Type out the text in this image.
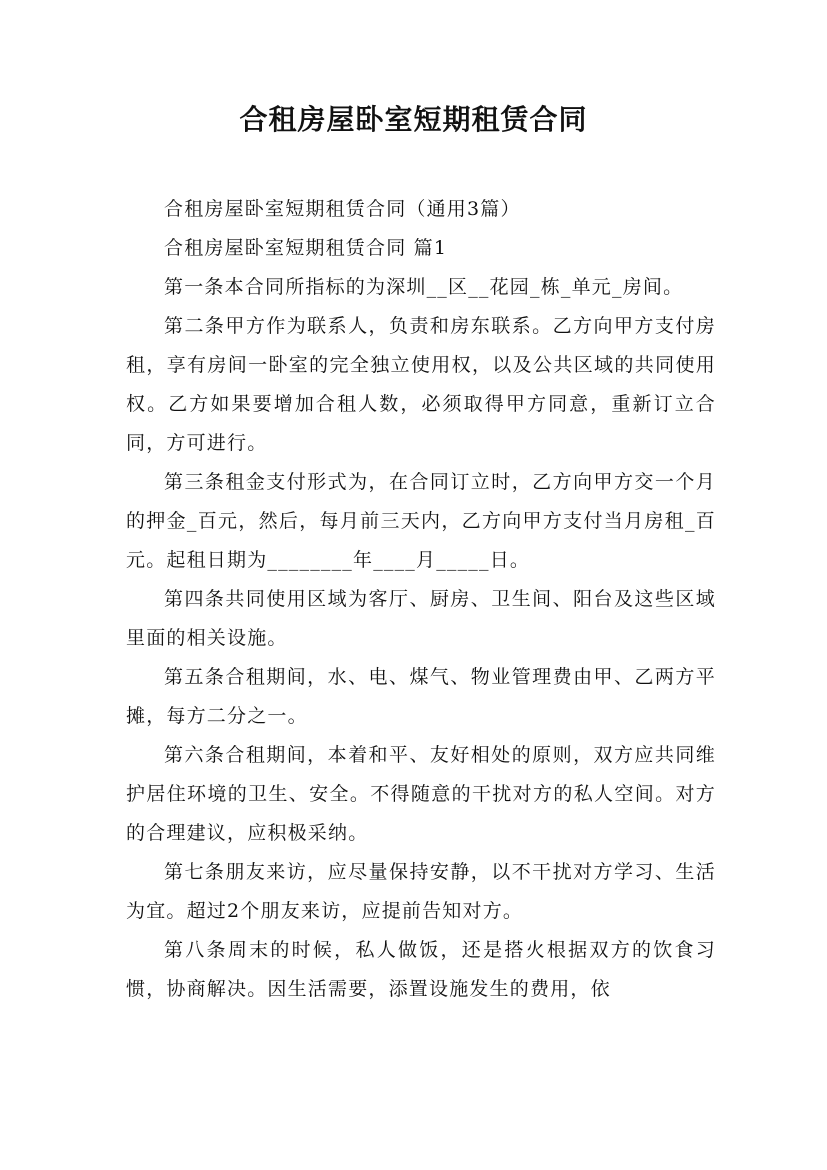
合租房屋卧室短期租赁合同

合租房屋卧室短期租赁合同（通用3篇）

合租房屋卧室短期租赁合同 篇1

第一条本合同所指标的为深圳__区__花园_栋_单元_房间。

第二条甲方作为联系人，负责和房东联系。乙方向甲方支付房租，享有房间一卧室的完全独立使用权，以及公共区域的共同使用权。乙方如果要增加合租人数，必须取得甲方同意，重新订立合同，方可进行。

第三条租金支付形式为，在合同订立时，乙方向甲方交一个月的押金_百元，然后，每月前三天内，乙方向甲方支付当月房租_百元。起租日期为________年____月_____日。

第四条共同使用区域为客厅、厨房、卫生间、阳台及这些区域里面的相关设施。

第五条合租期间，水、电、煤气、物业管理费由甲、乙两方平摊，每方二分之一。

第六条合租期间，本着和平、友好相处的原则，双方应共同维护居住环境的卫生、安全。不得随意的干扰对方的私人空间。对方的合理建议，应积极采纳。

第七条朋友来访，应尽量保持安静，以不干扰对方学习、生活为宜。超过2个朋友来访，应提前告知对方。

第八条周末的时候，私人做饭，还是搭火根据双方的饮食习惯，协商解决。因生活需要，添置设施发生的费用，依
